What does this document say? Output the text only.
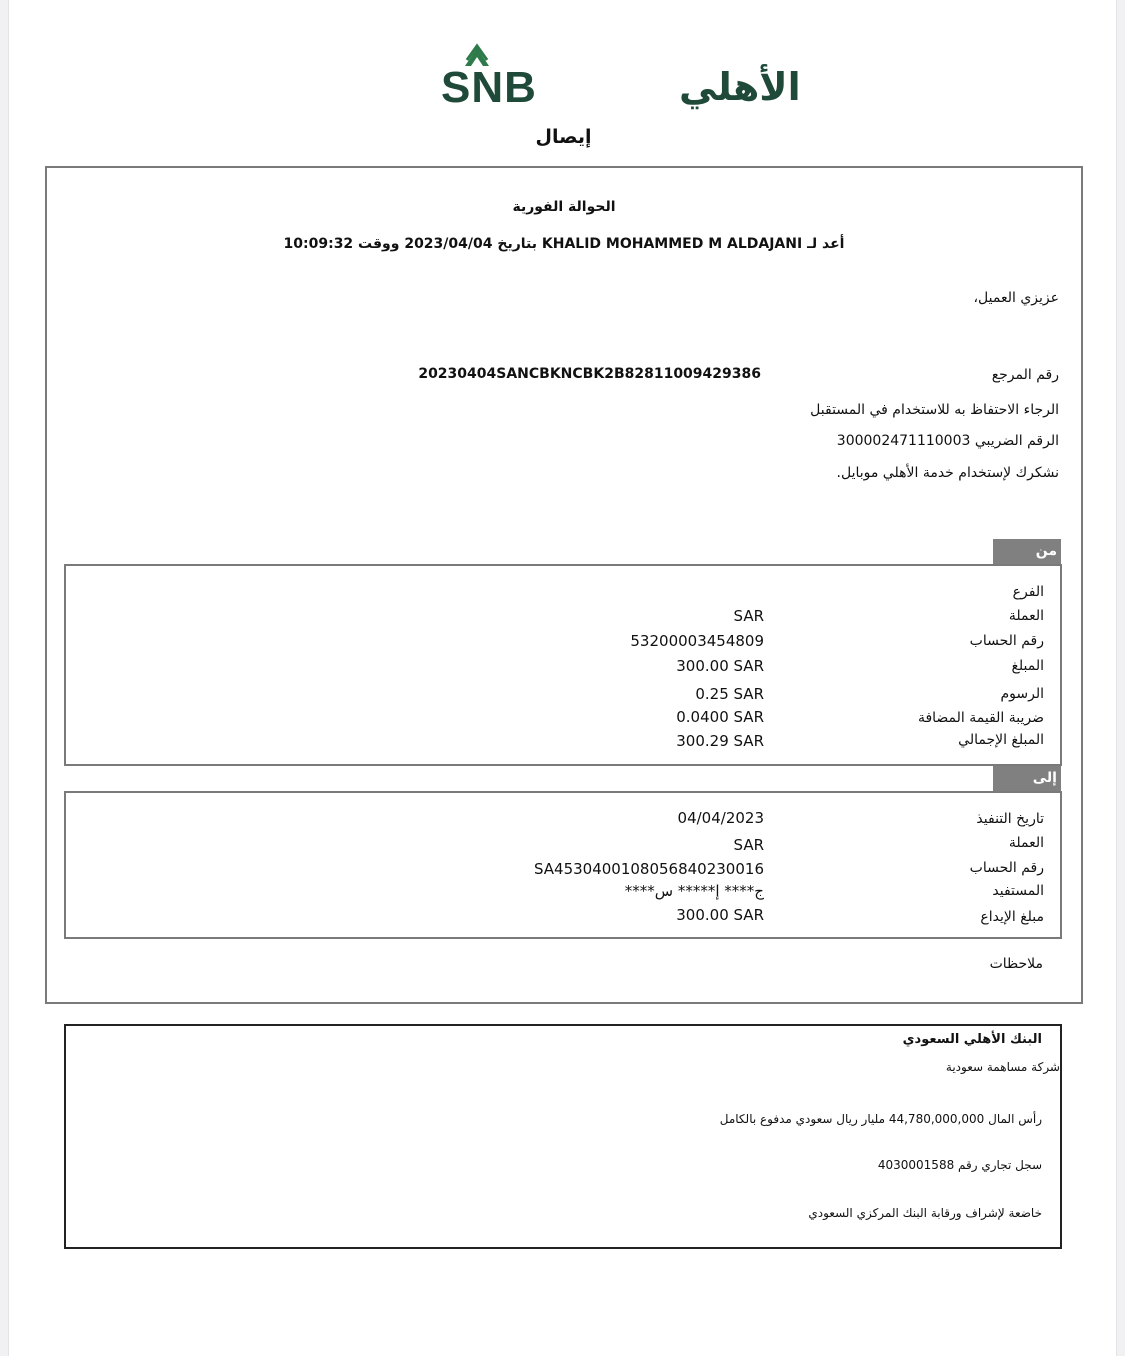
SNB	الأهلي
إيصال
الحوالة الفورية
أعد لـ KHALID MOHAMMED M ALDAJANI بتاريخ 2023/04/04 ووقت 10:09:32
عزيزي العميل،
رقم المرجع
20230404SANCBKNCBK2B82811009429386
الرجاء الاحتفاظ به للاستخدام في المستقبل
الرقم الضريبي 300002471110003
نشكرك لإستخدام خدمة الأهلي موبايل.
من
الفرع
العملة
SAR
رقم الحساب
53200003454809
المبلغ
300.00 SAR
الرسوم
0.25 SAR
ضريبة القيمة المضافة
0.0400 SAR
المبلغ الإجمالي
300.29 SAR
إلى
تاريخ التنفيذ
04/04/2023
العملة
SAR
رقم الحساب
SA4530400108056840230016
المستفيد
ج**** إ***** س****
مبلغ الإيداع
300.00 SAR
ملاحظات
البنك الأهلي السعودي
شركة مساهمة سعودية
رأس المال 44,780,000,000 مليار ريال سعودي مدفوع بالكامل
سجل تجاري رقم 4030001588
خاضعة لإشراف ورقابة البنك المركزي السعودي
